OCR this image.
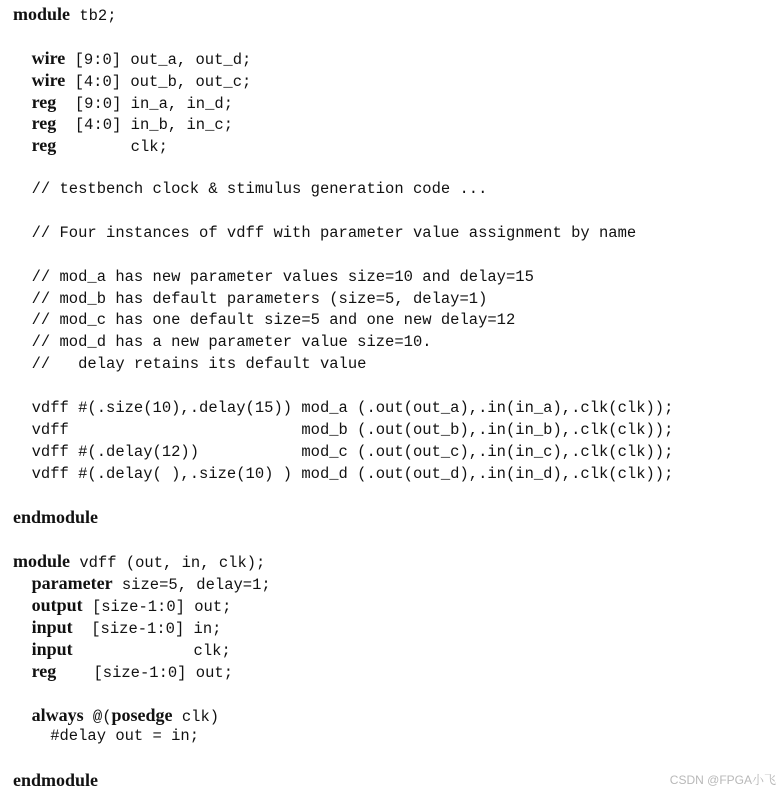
module tb2;
wire [9:0] out_a, out_d;
wire [4:0] out_b, out_c;
reg  [9:0] in_a, in_d;
reg  [4:0] in_b, in_c;
reg        clk;
// testbench clock & stimulus generation code ...
// Four instances of vdff with parameter value assignment by name
// mod_a has new parameter values size=10 and delay=15
// mod_b has default parameters (size=5, delay=1)
// mod_c has one default size=5 and one new delay=12
// mod_d has a new parameter value size=10.
//   delay retains its default value
vdff #(.size(10),.delay(15)) mod_a (.out(out_a),.in(in_a),.clk(clk));
vdff                         mod_b (.out(out_b),.in(in_b),.clk(clk));
vdff #(.delay(12))           mod_c (.out(out_c),.in(in_c),.clk(clk));
vdff #(.delay( ),.size(10) ) mod_d (.out(out_d),.in(in_d),.clk(clk));
endmodule
module vdff (out, in, clk);
parameter size=5, delay=1;
output [size-1:0] out;
input  [size-1:0] in;
input             clk;
reg    [size-1:0] out;
always @(posedge clk)
#delay out = in;
endmodule	CSDN @FPGA小飞
